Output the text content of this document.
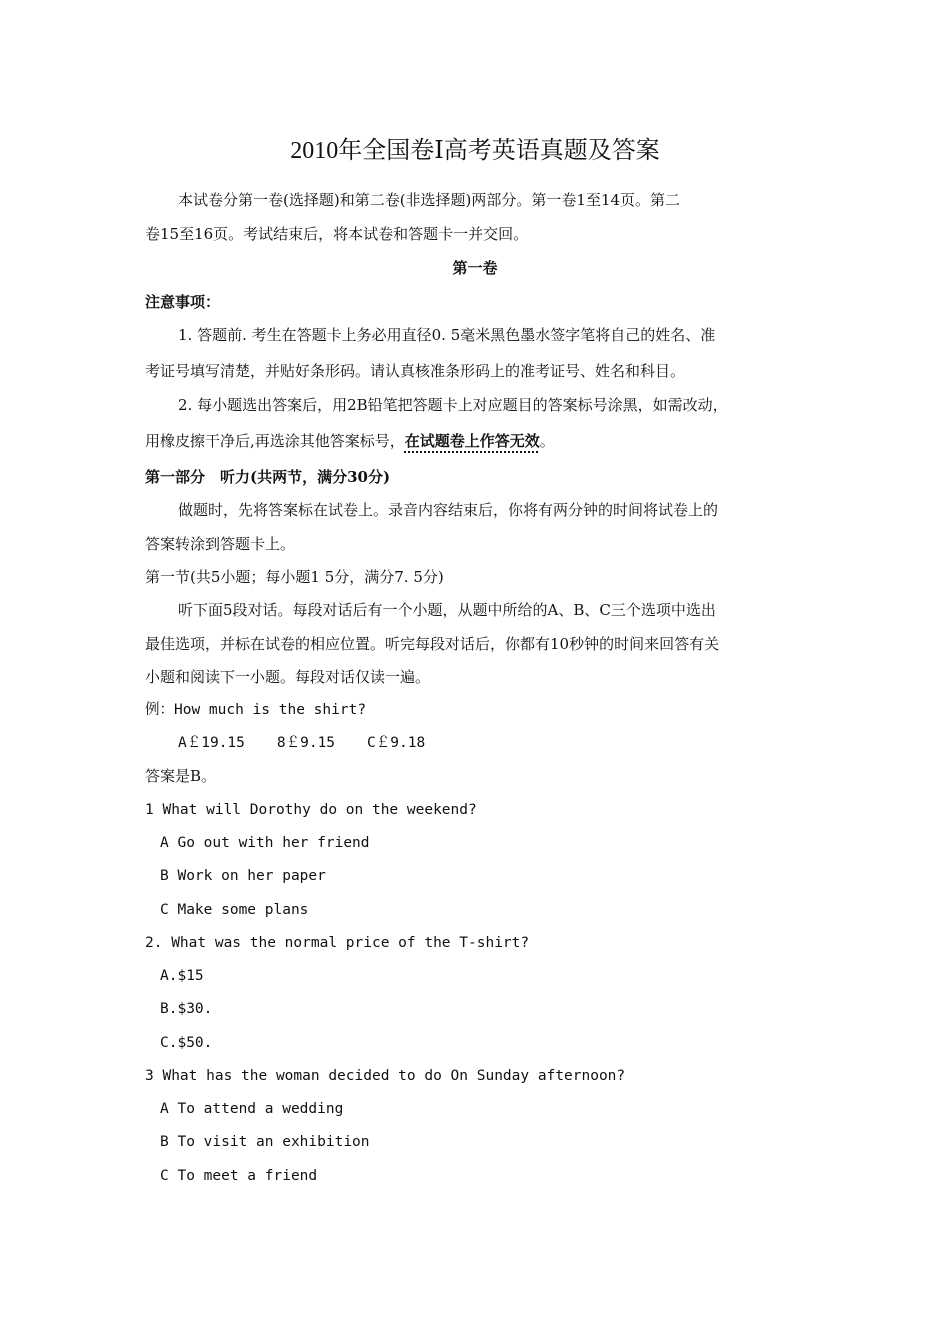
2010年全国卷Ⅰ高考英语真题及答案
本试卷分第一卷(选择题)和第二卷(非选择题)两部分。第一卷1至14页。第二
卷15至16页。考试结束后，将本试卷和答题卡一并交回。
第一卷
注意事项：
1. 答题前. 考生在答题卡上务必用直径0. 5毫米黑色墨水签字笔将自己的姓名、准
考证号填写清楚，并贴好条形码。请认真核准条形码上的准考证号、姓名和科目。
2. 每小题选出答案后，用2B铅笔把答题卡上对应题目的答案标号涂黑，如需改动，
用橡皮擦干净后,再选涂其他答案标号，在试题卷上作答无效。
第一部分　听力(共两节，满分30分)
做题时，先将答案标在试卷上。录音内容结束后，你将有两分钟的时间将试卷上的
答案转涂到答题卡上。
第一节(共5小题；每小题1 5分，满分7. 5分)
听下面5段对话。每段对话后有一个小题，从题中所给的A、B、C三个选项中选出
最佳选项，并标在试卷的相应位置。听完每段对话后，你都有10秒钟的时间来回答有关
小题和阅读下一小题。每段对话仅读一遍。
例：How much is the shirt?
A￡19.15 8￡9.15 C￡9.18
答案是B。
1 What will Dorothy do on the weekend?
A Go out with her friend
B Work on her paper
C Make some plans
2. What was the normal price of the T-shirt?
A.$15
B.$30.
C.$50.
3 What has the woman decided to do On Sunday afternoon?
A To attend a wedding
B To visit an exhibition
C To meet a friend
